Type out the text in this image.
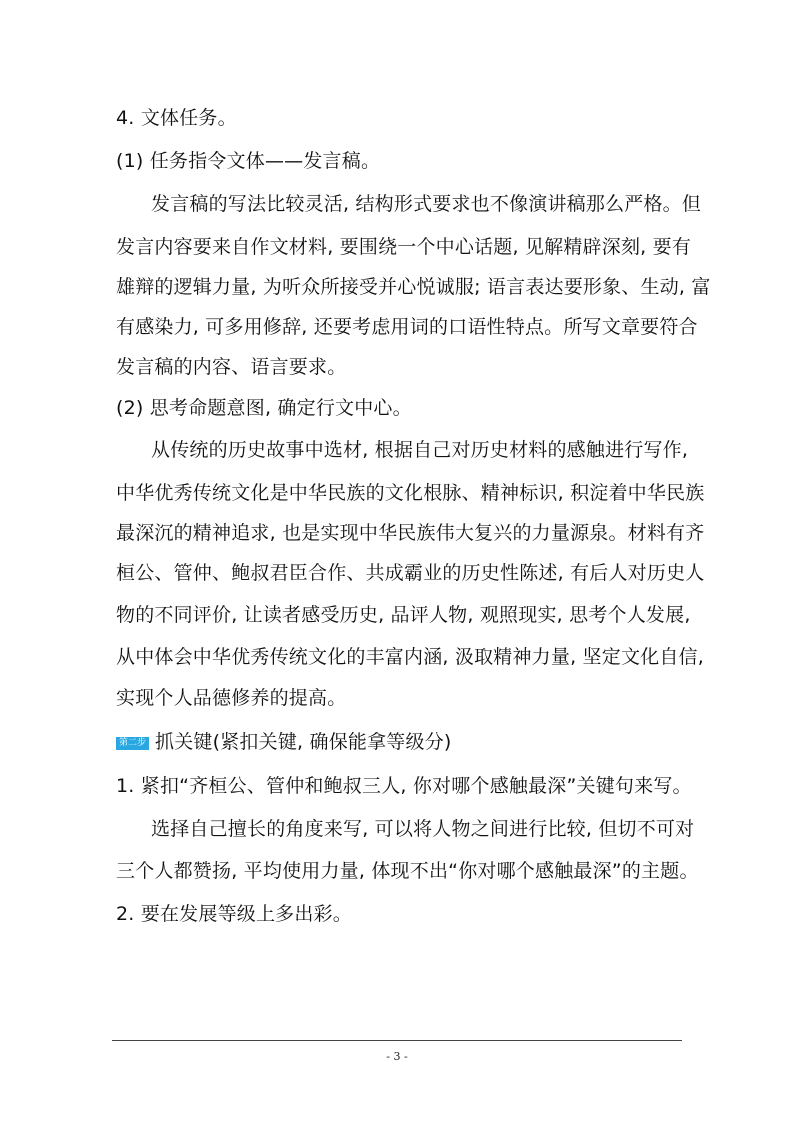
4. 文体任务。
(1) 任务指令文体——发言稿。
发言稿的写法比较灵活, 结构形式要求也不像演讲稿那么严格。但
发言内容要来自作文材料, 要围绕一个中心话题, 见解精辟深刻, 要有
雄辩的逻辑力量, 为听众所接受并心悦诚服; 语言表达要形象、生动, 富
有感染力, 可多用修辞, 还要考虑用词的口语性特点。所写文章要符合
发言稿的内容、语言要求。
(2) 思考命题意图, 确定行文中心。
从传统的历史故事中选材, 根据自己对历史材料的感触进行写作,
中华优秀传统文化是中华民族的文化根脉、精神标识, 积淀着中华民族
最深沉的精神追求, 也是实现中华民族伟大复兴的力量源泉。材料有齐
桓公、管仲、鲍叔君臣合作、共成霸业的历史性陈述, 有后人对历史人
物的不同评价, 让读者感受历史, 品评人物, 观照现实, 思考个人发展,
从中体会中华优秀传统文化的丰富内涵, 汲取精神力量, 坚定文化自信,
实现个人品德修养的提高。
第二步 抓关键(紧扣关键, 确保能拿等级分)
1. 紧扣“齐桓公、管仲和鲍叔三人, 你对哪个感触最深”关键句来写。
选择自己擅长的角度来写, 可以将人物之间进行比较, 但切不可对
三个人都赞扬, 平均使用力量, 体现不出“你对哪个感触最深”的主题。
2. 要在发展等级上多出彩。
- 3 -
